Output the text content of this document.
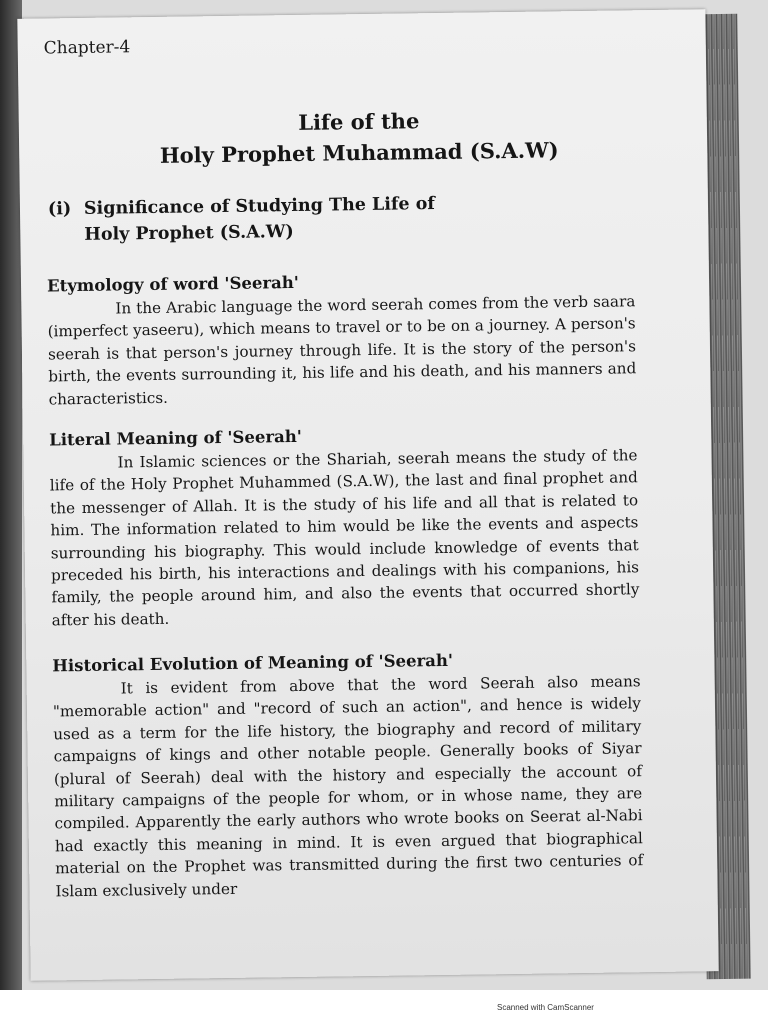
Chapter-4
Life of the
Holy Prophet Muhammad (S.A.W)
(i) Significance of Studying The Life of
Holy Prophet (S.A.W)
Etymology of word 'Seerah'
In the Arabic language the word seerah comes from the verb saara (imperfect yaseeru), which means to travel or to be on a journey. A person's seerah is that person's journey through life. It is the story of the person's birth, the events surrounding it, his life and his death, and his manners and characteristics.
Literal Meaning of 'Seerah'
In Islamic sciences or the Shariah, seerah means the study of the life of the Holy Prophet Muhammed (S.A.W), the last and final prophet and the messenger of Allah. It is the study of his life and all that is related to him. The information related to him would be like the events and aspects surrounding his biography. This would include knowledge of events that preceded his birth, his interactions and dealings with his companions, his family, the people around him, and also the events that occurred shortly after his death.
Historical Evolution of Meaning of 'Seerah'
It is evident from above that the word Seerah also means "memorable action" and "record of such an action", and hence is widely used as a term for the life history, the biography and record of military campaigns of kings and other notable people. Generally books of Siyar (plural of Seerah) deal with the history and especially the account of military campaigns of the people for whom, or in whose name, they are compiled. Apparently the early authors who wrote books on Seerat al-Nabi had exactly this meaning in mind. It is even argued that biographical material on the Prophet was transmitted during the first two centuries of Islam exclusively under
Scanned with CamScanner
